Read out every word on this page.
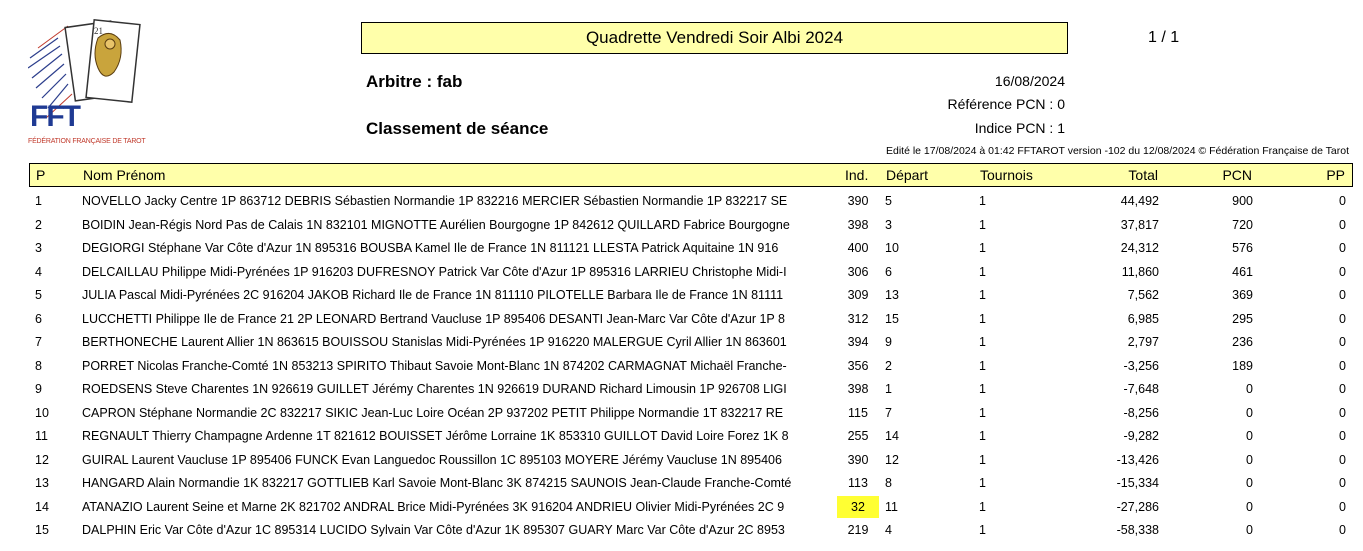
21
FFT
FÉDÉRATION FRANÇAISE DE TAROT
Quadrette Vendredi Soir Albi 2024	1 / 1
Arbitre : fab
Classement de séance
16/08/2024
Référence PCN : 0
Indice PCN : 1
Edité le 17/08/2024 à 01:42 FFTAROT version -102 du 12/08/2024 © Fédération Française de Tarot
P	Nom Prénom	Ind. Départ	Tournois	Total	PCN	PP
1	NOVELLO Jacky Centre 1P 863712 DEBRIS Sébastien Normandie 1P 832216 MERCIER Sébastien Normandie 1P 832217 SE	390	5	1	44,492	900	0
2	BOIDIN Jean-Régis Nord Pas de Calais 1N 832101 MIGNOTTE Aurélien Bourgogne 1P 842612 QUILLARD Fabrice Bourgogne	398	3	1	37,817	720	0
3	DEGIORGI Stéphane Var Côte d'Azur 1N 895316 BOUSBA Kamel Ile de France 1N 811121 LLESTA Patrick Aquitaine 1N 916	400	10	1	24,312	576	0
4	DELCAILLAU Philippe Midi-Pyrénées 1P 916203 DUFRESNOY Patrick Var Côte d'Azur 1P 895316 LARRIEU Christophe Midi-I	306	6	1	11,860	461	0
5	JULIA Pascal Midi-Pyrénées 2C 916204 JAKOB Richard Ile de France 1N 811110 PILOTELLE Barbara Ile de France 1N 81111	309	13	1	7,562	369	0
6	LUCCHETTI Philippe Ile de France 21 2P LEONARD Bertrand Vaucluse 1P 895406 DESANTI Jean-Marc Var Côte d'Azur 1P 8	312	15	1	6,985	295	0
7	BERTHONECHE Laurent Allier 1N 863615 BOUISSOU Stanislas Midi-Pyrénées 1P 916220 MALERGUE Cyril Allier 1N 863601	394	9	1	2,797	236	0
8	PORRET Nicolas Franche-Comté 1N 853213 SPIRITO Thibaut Savoie Mont-Blanc 1N 874202 CARMAGNAT Michaël Franche-	356	2	1	-3,256	189	0
9	ROEDSENS Steve Charentes 1N 926619 GUILLET Jérémy Charentes 1N 926619 DURAND Richard Limousin 1P 926708 LIGI	398	1	1	-7,648	0	0
10	CAPRON Stéphane Normandie 2C 832217 SIKIC Jean-Luc Loire Océan 2P 937202 PETIT Philippe Normandie 1T 832217 RE	115	7	1	-8,256	0	0
11	REGNAULT Thierry Champagne Ardenne 1T 821612 BOUISSET Jérôme Lorraine 1K 853310 GUILLOT David Loire Forez 1K 8	255	14	1	-9,282	0	0
12	GUIRAL Laurent Vaucluse 1P 895406 FUNCK Evan Languedoc Roussillon 1C 895103 MOYERE Jérémy Vaucluse 1N 895406	390	12	1	-13,426	0	0
13	HANGARD Alain Normandie 1K 832217 GOTTLIEB Karl Savoie Mont-Blanc 3K 874215 SAUNOIS Jean-Claude Franche-Comté	113	8	1	-15,334	0	0
14	ATANAZIO Laurent Seine et Marne 2K 821702 ANDRAL Brice Midi-Pyrénées 3K 916204 ANDRIEU Olivier Midi-Pyrénées 2C 9	32	11	1	-27,286	0	0
15	DALPHIN Eric Var Côte d'Azur 1C 895314 LUCIDO Sylvain Var Côte d'Azur 1K 895307 GUARY Marc Var Côte d'Azur 2C 8953	219	4	1	-58,338	0	0
